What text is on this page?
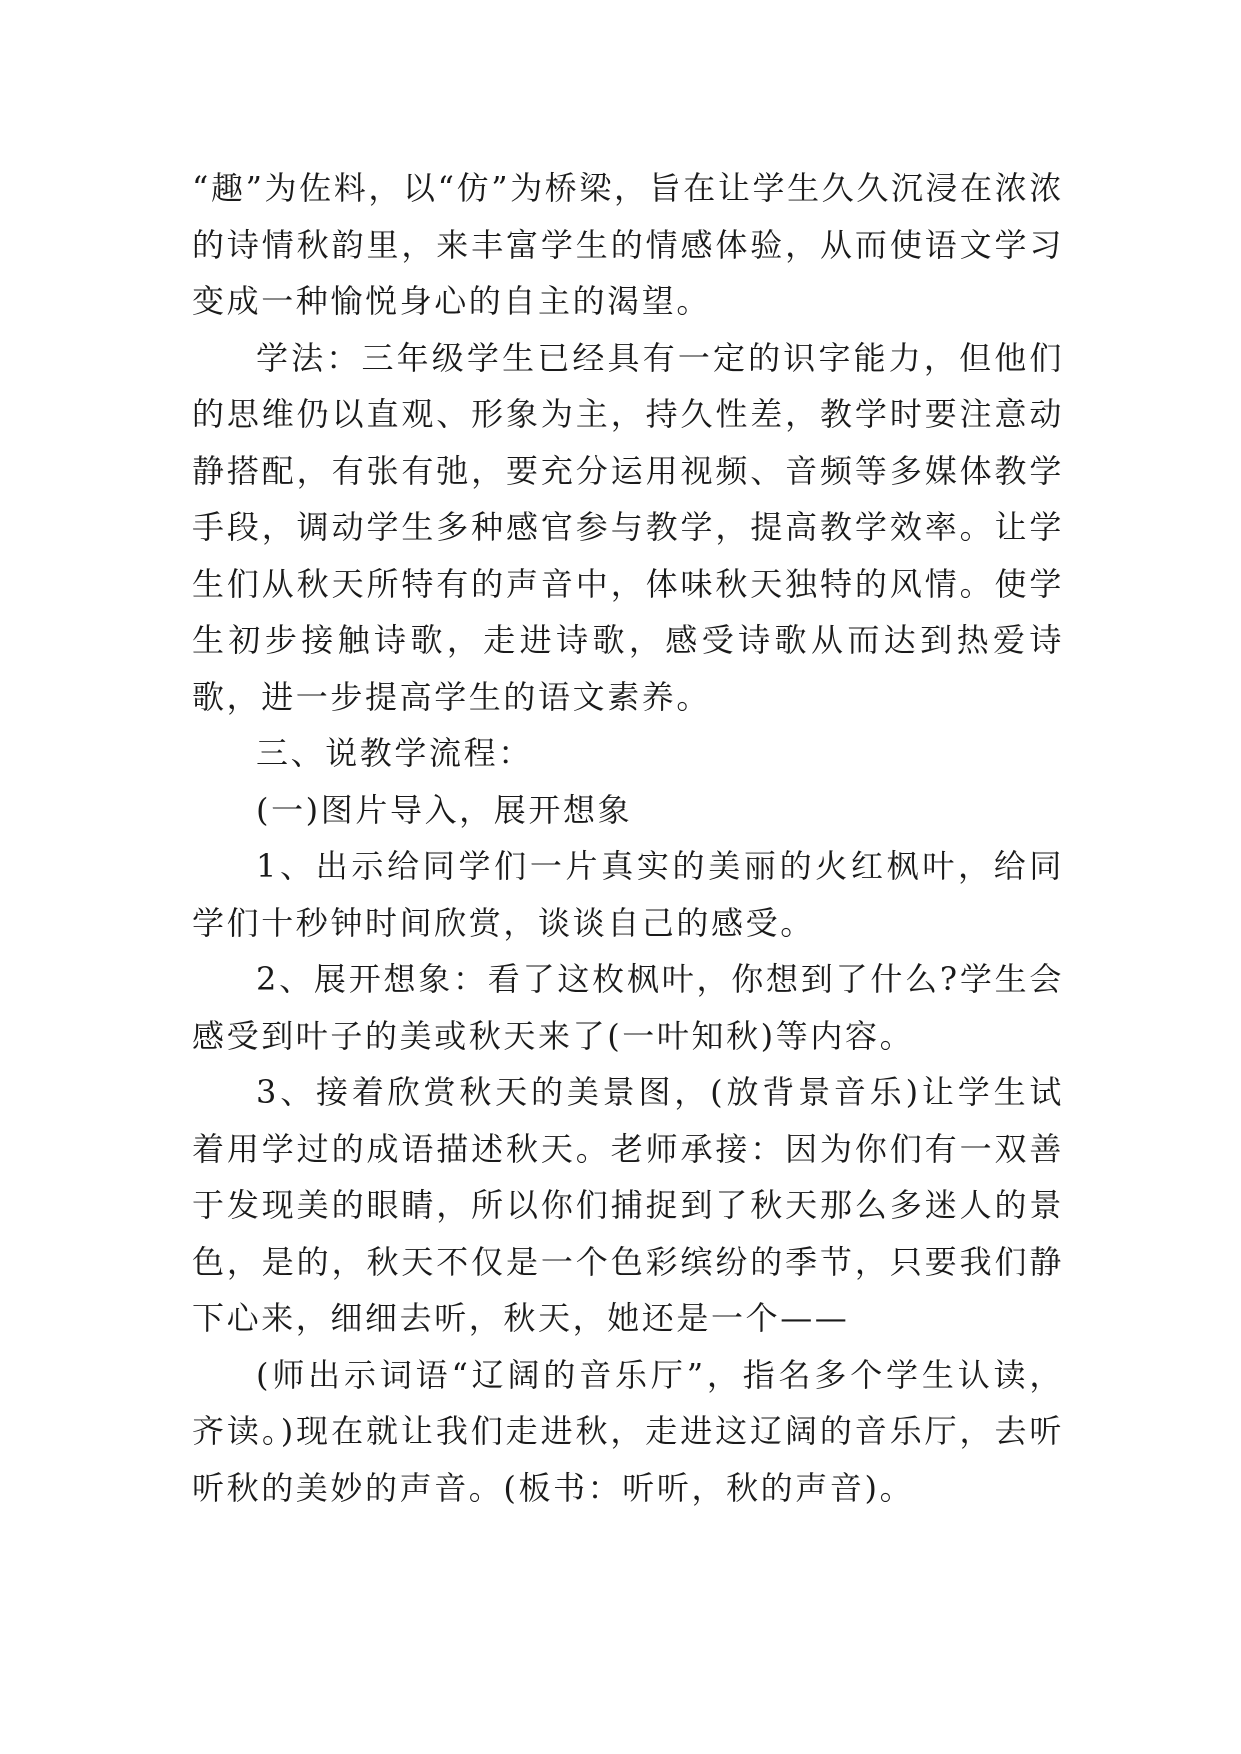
“趣”为佐料，以“仿”为桥梁，旨在让学生久久沉浸在浓浓的诗情秋韵里，来丰富学生的情感体验，从而使语文学习变成一种愉悦身心的自主的渴望。

学法：三年级学生已经具有一定的识字能力，但他们的思维仍以直观、形象为主，持久性差，教学时要注意动静搭配，有张有弛，要充分运用视频、音频等多媒体教学手段，调动学生多种感官参与教学，提高教学效率。让学生们从秋天所特有的声音中，体味秋天独特的风情。使学生初步接触诗歌，走进诗歌，感受诗歌从而达到热爱诗歌，进一步提高学生的语文素养。

三、说教学流程：

(一)图片导入，展开想象

1、出示给同学们一片真实的美丽的火红枫叶，给同学们十秒钟时间欣赏，谈谈自己的感受。

2、展开想象：看了这枚枫叶，你想到了什么?学生会感受到叶子的美或秋天来了(一叶知秋)等内容。

3、接着欣赏秋天的美景图，(放背景音乐)让学生试着用学过的成语描述秋天。老师承接：因为你们有一双善于发现美的眼睛，所以你们捕捉到了秋天那么多迷人的景色，是的，秋天不仅是一个色彩缤纷的季节，只要我们静下心来，细细去听，秋天，她还是一个——

(师出示词语“辽阔的音乐厅”，指名多个学生认读，齐读。)现在就让我们走进秋，走进这辽阔的音乐厅，去听听秋的美妙的声音。(板书：听听，秋的声音)。
